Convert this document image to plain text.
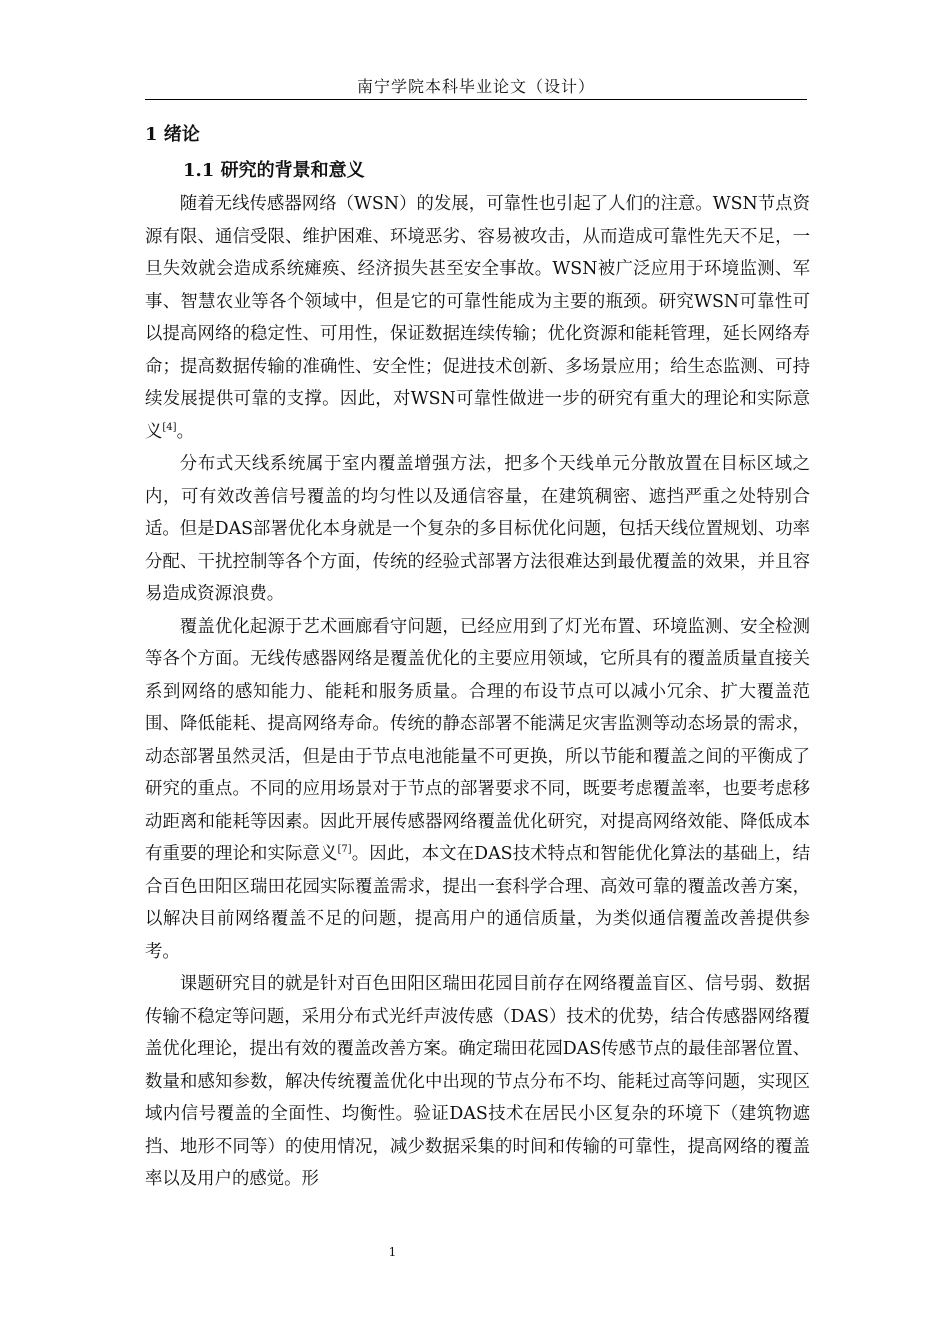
南宁学院本科毕业论文（设计）
1 绪论
1.1 研究的背景和意义

随着无线传感器网络（WSN）的发展，可靠性也引起了人们的注意。WSN节点资源有限、通信受限、维护困难、环境恶劣、容易被攻击，从而造成可靠性先天不足，一旦失效就会造成系统瘫痪、经济损失甚至安全事故。WSN被广泛应用于环境监测、军事、智慧农业等各个领域中，但是它的可靠性能成为主要的瓶颈。研究WSN可靠性可以提高网络的稳定性、可用性，保证数据连续传输；优化资源和能耗管理，延长网络寿命；提高数据传输的准确性、安全性；促进技术创新、多场景应用；给生态监测、可持续发展提供可靠的支撑。因此，对WSN可靠性做进一步的研究有重大的理论和实际意义[4]。

分布式天线系统属于室内覆盖增强方法，把多个天线单元分散放置在目标区域之内，可有效改善信号覆盖的均匀性以及通信容量，在建筑稠密、遮挡严重之处特别合适。但是DAS部署优化本身就是一个复杂的多目标优化问题，包括天线位置规划、功率分配、干扰控制等各个方面，传统的经验式部署方法很难达到最优覆盖的效果，并且容易造成资源浪费。

覆盖优化起源于艺术画廊看守问题，已经应用到了灯光布置、环境监测、安全检测等各个方面。无线传感器网络是覆盖优化的主要应用领域，它所具有的覆盖质量直接关系到网络的感知能力、能耗和服务质量。合理的布设节点可以减小冗余、扩大覆盖范围、降低能耗、提高网络寿命。传统的静态部署不能满足灾害监测等动态场景的需求，动态部署虽然灵活，但是由于节点电池能量不可更换，所以节能和覆盖之间的平衡成了研究的重点。不同的应用场景对于节点的部署要求不同，既要考虑覆盖率，也要考虑移动距离和能耗等因素。因此开展传感器网络覆盖优化研究，对提高网络效能、降低成本有重要的理论和实际意义[7]。因此，本文在DAS技术特点和智能优化算法的基础上，结合百色田阳区瑞田花园实际覆盖需求，提出一套科学合理、高效可靠的覆盖改善方案，以解决目前网络覆盖不足的问题，提高用户的通信质量，为类似通信覆盖改善提供参考。

课题研究目的就是针对百色田阳区瑞田花园目前存在网络覆盖盲区、信号弱、数据传输不稳定等问题，采用分布式光纤声波传感（DAS）技术的优势，结合传感器网络覆盖优化理论，提出有效的覆盖改善方案。确定瑞田花园DAS传感节点的最佳部署位置、数量和感知参数，解决传统覆盖优化中出现的节点分布不均、能耗过高等问题，实现区域内信号覆盖的全面性、均衡性。验证DAS技术在居民小区复杂的环境下（建筑物遮挡、地形不同等）的使用情况，减少数据采集的时间和传输的可靠性，提高网络的覆盖率以及用户的感觉。形

1
